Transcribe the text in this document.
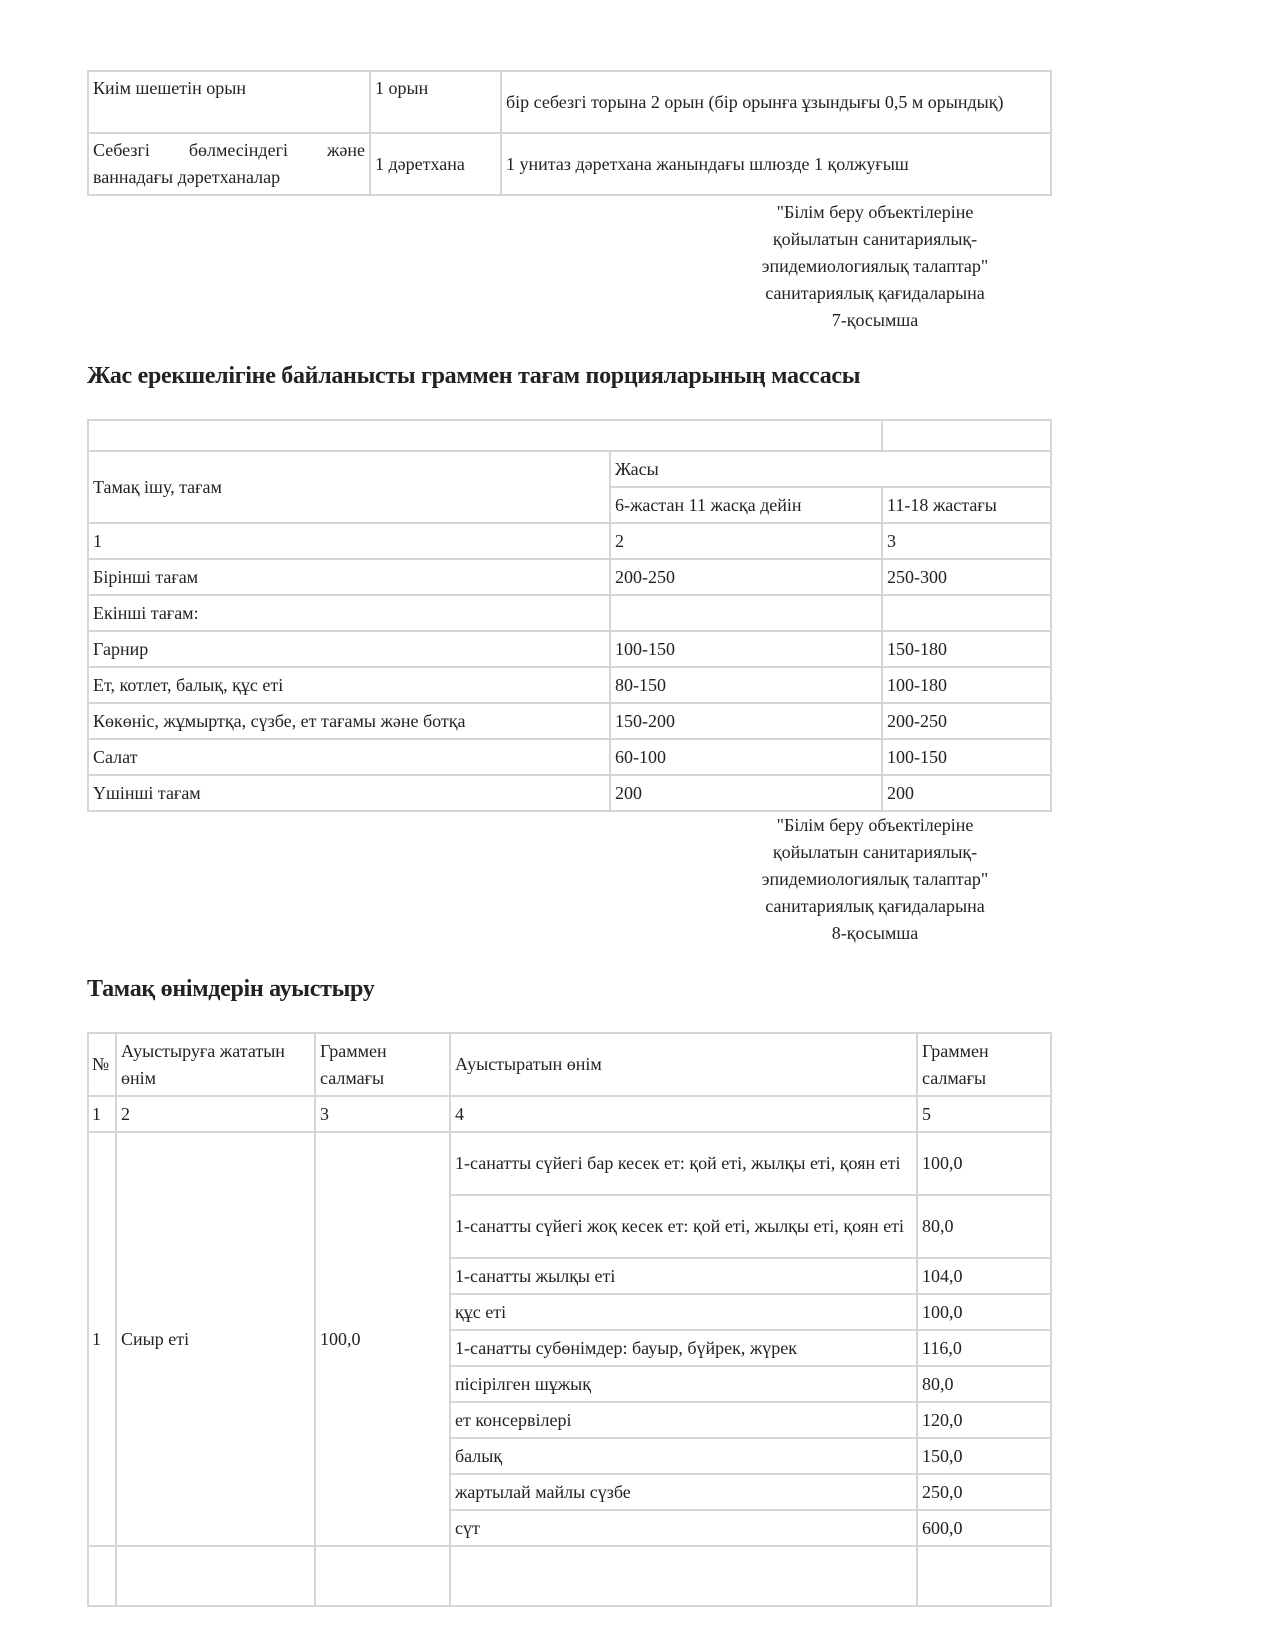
Киім шешетін орын	1 орын	бір себезгі торына 2 орын (бір орынға ұзындығы 0,5 м орындық)
Себезгі бөлмесіндегі және ваннадағы дәретханалар	1 дәретхана	1 унитаз дәретхана жанындағы шлюзде 1 қолжуғыш
"Білім беру объектілеріне
қойылатын санитариялық-
эпидемиологиялық талаптар"
санитариялық қағидаларына
7-қосымша
Жас ерекшелігіне байланысты граммен тағам порцияларының массасы

Тамақ ішу, тағам	Жасы	
	6-жастан 11 жасқа дейін	11-18 жастағы
1	2	3
Бірінші тағам	200-250	250-300
Екінші тағам:		
Гарнир	100-150	150-180
Ет, котлет, балық, құс еті	80-150	100-180
Көкөніс, жұмыртқа, сүзбе, ет тағамы және ботқа	150-200	200-250
Салат	60-100	100-150
Үшінші тағам	200	200
"Білім беру объектілеріне
қойылатын санитариялық-
эпидемиологиялық талаптар"
санитариялық қағидаларына
8-қосымша
Тамақ өнімдерін ауыстыру
№	Ауыстыруға жататын өнім	Граммен салмағы	Ауыстыратын өнім	Граммен салмағы
1	2	3	4	5
1	Сиыр еті	100,0	1-санатты сүйегі бар кесек ет: қой еті, жылқы еті, қоян еті	100,0
			1-санатты сүйегі жоқ кесек ет: қой еті, жылқы еті, қоян еті	80,0
			1-санатты жылқы еті	104,0
			құс еті	100,0
			1-санатты субөнімдер: бауыр, бүйрек, жүрек	116,0
			пісірілген шұжық	80,0
			ет консервілері	120,0
			балық	150,0
			жартылай майлы сүзбе	250,0
			сүт	600,0
